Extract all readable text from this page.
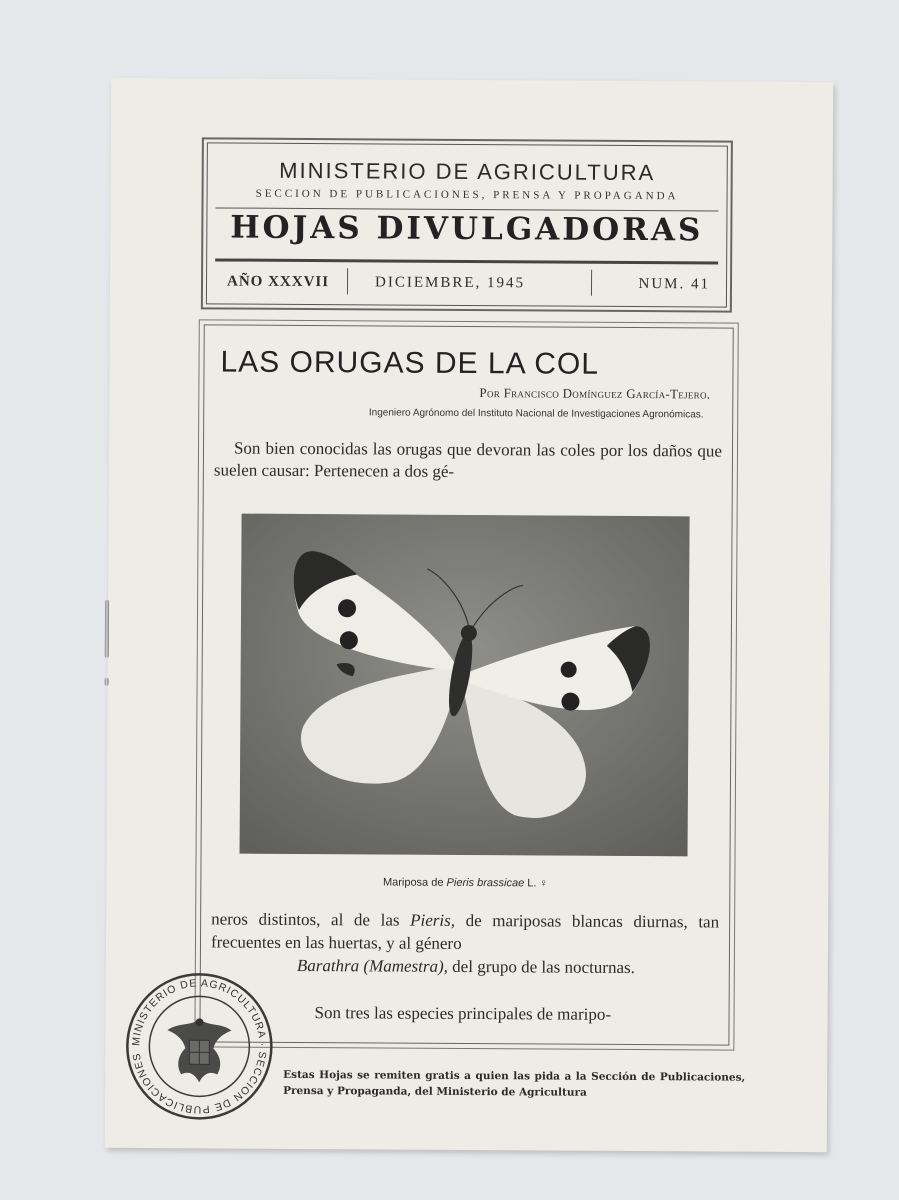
MINISTERIO DE AGRICULTURA
SECCION DE PUBLICACIONES, PRENSA Y PROPAGANDA
HOJAS DIVULGADORAS
AÑO XXXVII	DICIEMBRE, 1945	NUM. 41
LAS ORUGAS DE LA COL
Por Francisco Domínguez García-Tejero.
Ingeniero Agrónomo del Instituto Nacional de Investigaciones Agronómicas.
Son bien conocidas las orugas que devoran las coles por los daños que suelen causar: Pertenecen a dos gé-
Mariposa de Pieris brassicae L. ♀
neros distintos, al de las Pieris, de mariposas blancas diurnas, tan frecuentes en las huertas, y al género
Barathra (Mamestra), del grupo de las nocturnas.
Son tres las especies principales de maripo-
MINISTERIO DE AGRICULTURA · SECCION DE PUBLICACIONES
Estas Hojas se remiten gratis a quien las pida a la Sección de Publicaciones, Prensa y Propaganda, del Ministerio de Agricultura
